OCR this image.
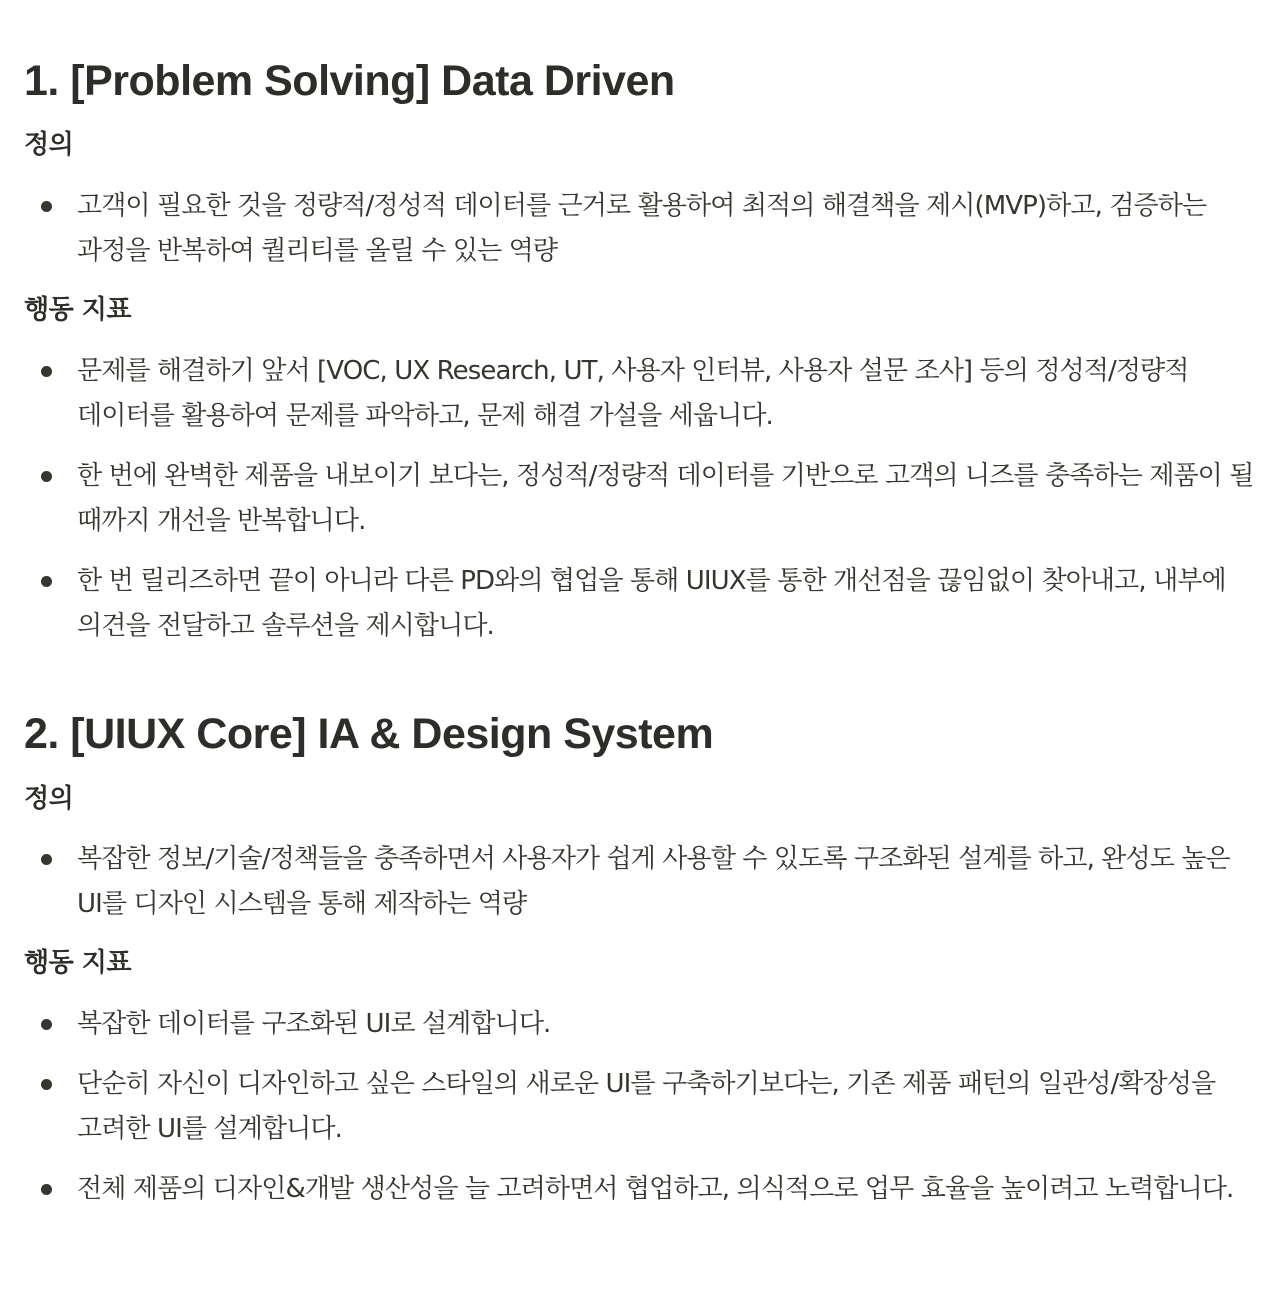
1. [Problem Solving] Data Driven
정의

고객이 필요한 것을 정량적/정성적 데이터를 근거로 활용하여 최적의 해결책을 제시(MVP)하고, 검증하는 과정을 반복하여 퀄리티를 올릴 수 있는 역량

행동 지표

문제를 해결하기 앞서 [VOC, UX Research, UT, 사용자 인터뷰, 사용자 설문 조사] 등의 정성적/정량적 데이터를 활용하여 문제를 파악하고, 문제 해결 가설을 세웁니다.

한 번에 완벽한 제품을 내보이기 보다는, 정성적/정량적 데이터를 기반으로 고객의 니즈를 충족하는 제품이 될 때까지 개선을 반복합니다.

한 번 릴리즈하면 끝이 아니라 다른 PD와의 협업을 통해 UIUX를 통한 개선점을 끊임없이 찾아내고, 내부에 의견을 전달하고 솔루션을 제시합니다.

2. [UIUX Core] IA & Design System
정의

복잡한 정보/기술/정책들을 충족하면서 사용자가 쉽게 사용할 수 있도록 구조화된 설계를 하고, 완성도 높은 UI를 디자인 시스템을 통해 제작하는 역량

행동 지표

복잡한 데이터를 구조화된 UI로 설계합니다.

단순히 자신이 디자인하고 싶은 스타일의 새로운 UI를 구축하기보다는, 기존 제품 패턴의 일관성/확장성을 고려한 UI를 설계합니다.

전체 제품의 디자인&개발 생산성을 늘 고려하면서 협업하고, 의식적으로 업무 효율을 높이려고 노력합니다.
